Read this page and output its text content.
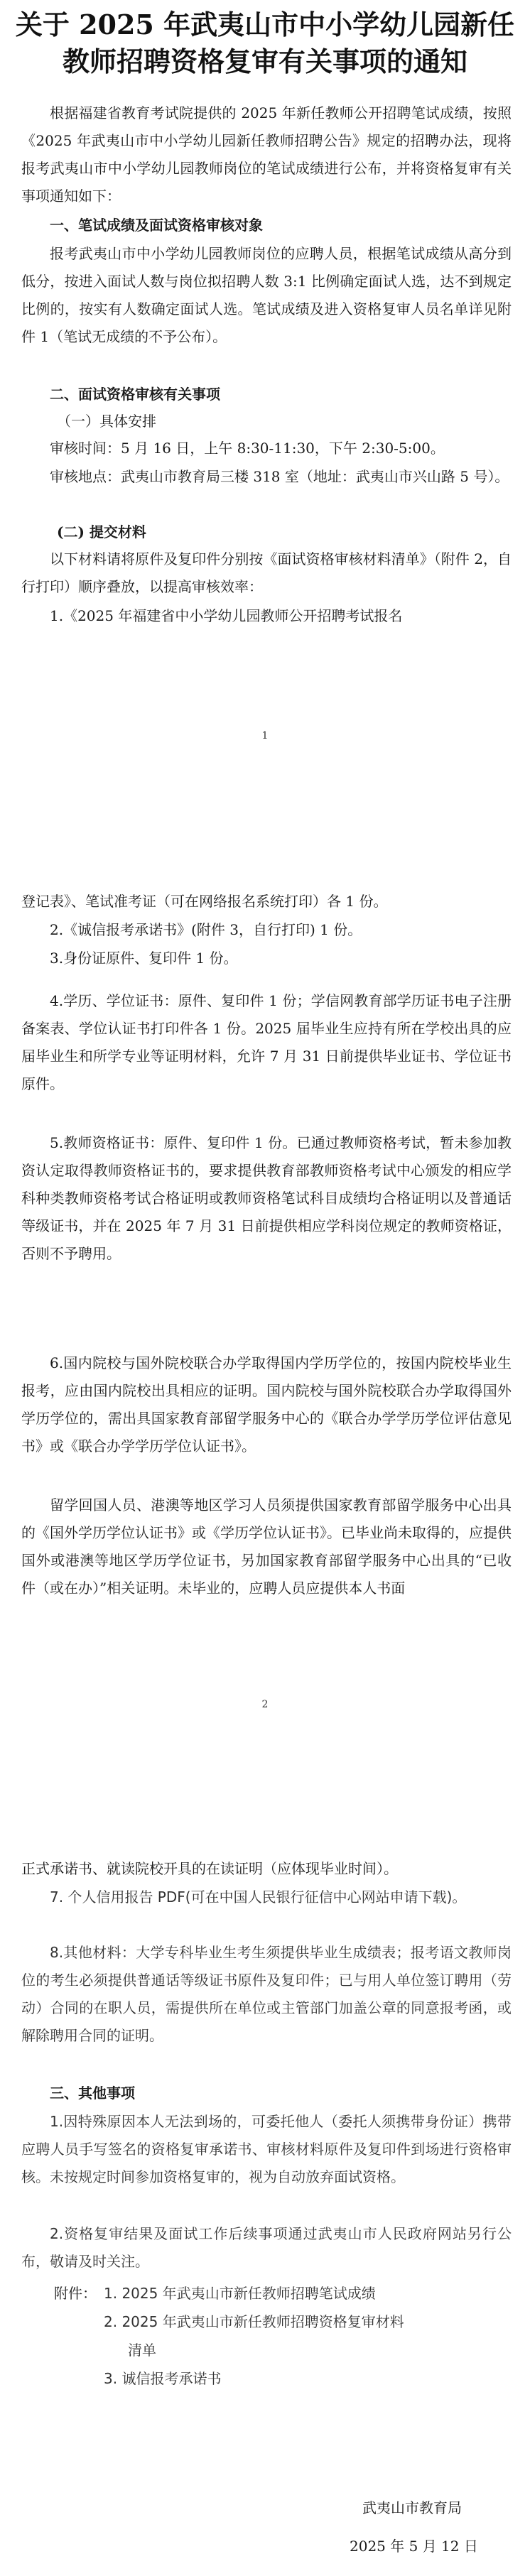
关于 2025 年武夷山市中小学幼儿园新任
教师招聘资格复审有关事项的通知

根据福建省教育考试院提供的 2025 年新任教师公开招聘笔试成绩，按照《2025 年武夷山市中小学幼儿园新任教师招聘公告》规定的招聘办法，现将报考武夷山市中小学幼儿园教师岗位的笔试成绩进行公布，并将资格复审有关事项通知如下：

一、笔试成绩及面试资格审核对象

报考武夷山市中小学幼儿园教师岗位的应聘人员，根据笔试成绩从高分到低分，按进入面试人数与岗位拟招聘人数 3:1 比例确定面试人选，达不到规定比例的，按实有人数确定面试人选。笔试成绩及进入资格复审人员名单详见附件 1（笔试无成绩的不予公布）。

二、面试资格审核有关事项

（一）具体安排

审核时间：5 月 16 日，上午 8:30-11:30，下午 2:30-5:00。

审核地点：武夷山市教育局三楼 318 室（地址：武夷山市兴山路 5 号）。

(二) 提交材料

以下材料请将原件及复印件分别按《面试资格审核材料清单》（附件 2，自行打印）顺序叠放，以提高审核效率：

1.《2025 年福建省中小学幼儿园教师公开招聘考试报名

1

登记表》、笔试准考证（可在网络报名系统打印）各 1 份。

2.《诚信报考承诺书》(附件 3，自行打印) 1 份。

3.身份证原件、复印件 1 份。

4.学历、学位证书：原件、复印件 1 份；学信网教育部学历证书电子注册备案表、学位认证书打印件各 1 份。2025 届毕业生应持有所在学校出具的应届毕业生和所学专业等证明材料，允许 7 月 31 日前提供毕业证书、学位证书原件。

5.教师资格证书：原件、复印件 1 份。已通过教师资格考试，暂未参加教资认定取得教师资格证书的，要求提供教育部教师资格考试中心颁发的相应学科种类教师资格考试合格证明或教师资格笔试科目成绩均合格证明以及普通话等级证书，并在 2025 年 7 月 31 日前提供相应学科岗位规定的教师资格证，否则不予聘用。

6.国内院校与国外院校联合办学取得国内学历学位的，按国内院校毕业生报考，应由国内院校出具相应的证明。国内院校与国外院校联合办学取得国外学历学位的，需出具国家教育部留学服务中心的《联合办学学历学位评估意见书》或《联合办学学历学位认证书》。

留学回国人员、港澳等地区学习人员须提供国家教育部留学服务中心出具的《国外学历学位认证书》或《学历学位认证书》。已毕业尚未取得的，应提供国外或港澳等地区学历学位证书，另加国家教育部留学服务中心出具的“已收件（或在办）”相关证明。未毕业的，应聘人员应提供本人书面

2

正式承诺书、就读院校开具的在读证明（应体现毕业时间）。

7. 个人信用报告 PDF(可在中国人民银行征信中心网站申请下载)。

8.其他材料：大学专科毕业生考生须提供毕业生成绩表；报考语文教师岗位的考生必须提供普通话等级证书原件及复印件；已与用人单位签订聘用（劳动）合同的在职人员，需提供所在单位或主管部门加盖公章的同意报考函，或解除聘用合同的证明。

三、其他事项

1.因特殊原因本人无法到场的，可委托他人（委托人须携带身份证）携带应聘人员手写签名的资格复审承诺书、审核材料原件及复印件到场进行资格审核。未按规定时间参加资格复审的，视为自动放弃面试资格。

2.资格复审结果及面试工作后续事项通过武夷山市人民政府网站另行公布，敬请及时关注。

附件： 1. 2025 年武夷山市新任教师招聘笔试成绩

2. 2025 年武夷山市新任教师招聘资格复审材料

清单

3. 诚信报考承诺书

武夷山市教育局
2025 年 5 月 12 日
